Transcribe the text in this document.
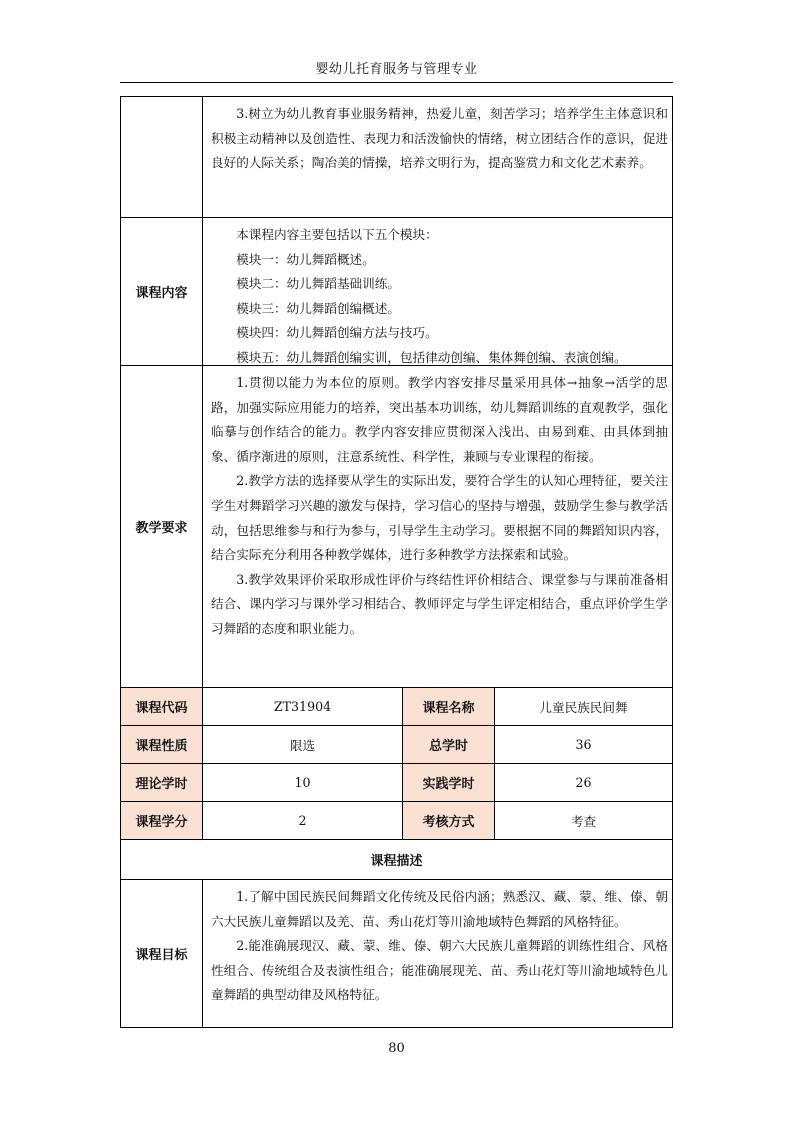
婴幼儿托育服务与管理专业

3.树立为幼儿教育事业服务精神，热爱儿童，刻苦学习；培养学生主体意识和积极主动精神以及创造性、表现力和活泼愉快的情绪，树立团结合作的意识，促进良好的人际关系；陶冶美的情操，培养文明行为，提高鉴赏力和文化艺术素养。

课程内容
本课程内容主要包括以下五个模块：
模块一：幼儿舞蹈概述。
模块二：幼儿舞蹈基础训练。
模块三：幼儿舞蹈创编概述。
模块四：幼儿舞蹈创编方法与技巧。
模块五：幼儿舞蹈创编实训，包括律动创编、集体舞创编、表演创编。
教学要求

1.贯彻以能力为本位的原则。教学内容安排尽量采用具体→抽象→活学的思路，加强实际应用能力的培养，突出基本功训练，幼儿舞蹈训练的直观教学，强化临摹与创作结合的能力。教学内容安排应贯彻深入浅出、由易到难、由具体到抽象、循序渐进的原则，注意系统性、科学性，兼顾与专业课程的衔接。

2.教学方法的选择要从学生的实际出发，要符合学生的认知心理特征，要关注学生对舞蹈学习兴趣的激发与保持，学习信心的坚持与增强，鼓励学生参与教学活动，包括思维参与和行为参与，引导学生主动学习。要根据不同的舞蹈知识内容，结合实际充分利用各种教学媒体，进行多种教学方法探索和试验。

3.教学效果评价采取形成性评价与终结性评价相结合、课堂参与与课前准备相结合、课内学习与课外学习相结合、教师评定与学生评定相结合，重点评价学生学习舞蹈的态度和职业能力。

课程代码	ZT31904	课程名称	儿童民族民间舞
课程性质	限选	总学时	36
理论学时	10	实践学时	26
课程学分	2	考核方式	考查
课程描述
课程目标

1.了解中国民族民间舞蹈文化传统及民俗内涵；熟悉汉、藏、蒙、维、傣、朝六大民族儿童舞蹈以及羌、苗、秀山花灯等川渝地域特色舞蹈的风格特征。

2.能准确展现汉、藏、蒙、维、傣、朝六大民族儿童舞蹈的训练性组合、风格性组合、传统组合及表演性组合；能准确展现羌、苗、秀山花灯等川渝地域特色儿童舞蹈的典型动律及风格特征。

80
